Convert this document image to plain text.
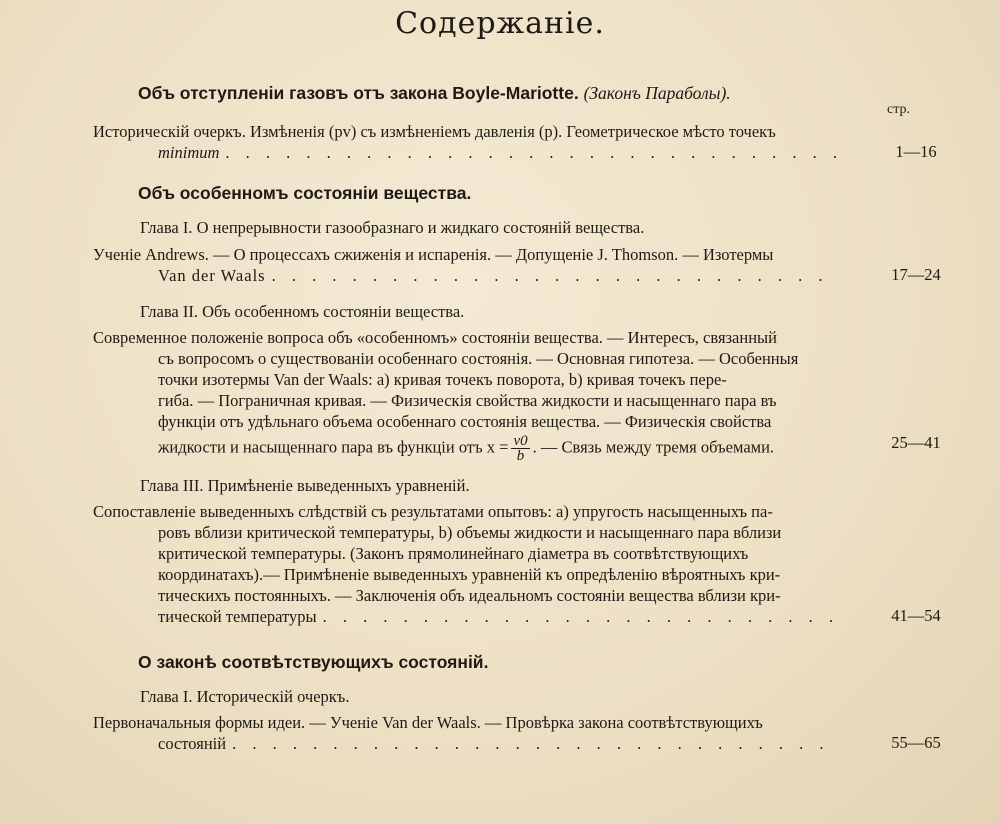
Содержанiе.
Объ отступленiи газовъ отъ закона Boyle-Mariotte. (Законъ Параболы).
стр.
Историческiй очеркъ. Измѣненiя (pv) съ измѣненiемъ давленiя (p). Геометрическое мѣсто точекъ
minimum . . .	1—16
Объ особенномъ состоянiи вещества.
Глава I. О непрерывности газообразнаго и жидкаго состоянiй вещества.
Ученiе Andrews. — О процессахъ сжиженiя и испаренiя. — Допущенiе J. Thomson. — Изотермы
Van der Waals . . .	17—24
Глава II. Объ особенномъ состоянiи вещества.
Современное положенiе вопроса объ «особенномъ» состоянiи вещества. — Интересъ, связанный
съ вопросомъ о существованiи особеннаго состоянiя. — Основная гипотеза. — Особенныя
точки изотермы Van der Waals: a) кривая точекъ поворота, b) кривая точекъ пере-
гиба. — Пограничная кривая. — Физическiя свойства жидкости и насыщеннаго пара въ
функцiи отъ удѣльнаго объема особеннаго состоянiя вещества. — Физическiя свойства
жидкости и насыщеннаго пара въ функцiи отъ $x = \frac{v0}{b}$ . — Связь между тремя объемами.	25—41
Глава III. Примѣненiе выведенныхъ уравненiй.
Сопоставленiе выведенныхъ слѣдствiй съ результатами опытовъ: a) упругость насыщенныхъ па-
ровъ вблизи критической температуры, b) объемы жидкости и насыщеннаго пара вблизи
критической температуры. (Законъ прямолинейнаго дiаметра въ соотвѣтствующихъ
координатахъ).— Примѣненiе выведенныхъ уравненiй къ опредѣленiю вѣроятныхъ кри-
тическихъ постоянныхъ. — Заключенiя объ идеальномъ состоянiи вещества вблизи кри-
тической температуры . . .	41—54
О законѣ соотвѣтствующихъ состоянiй.
Глава I. Историческiй очеркъ.
Первоначальныя формы идеи. — Ученiе Van der Waals. — Провѣрка закона соотвѣтствующихъ
состоянiй . . .	55—65
